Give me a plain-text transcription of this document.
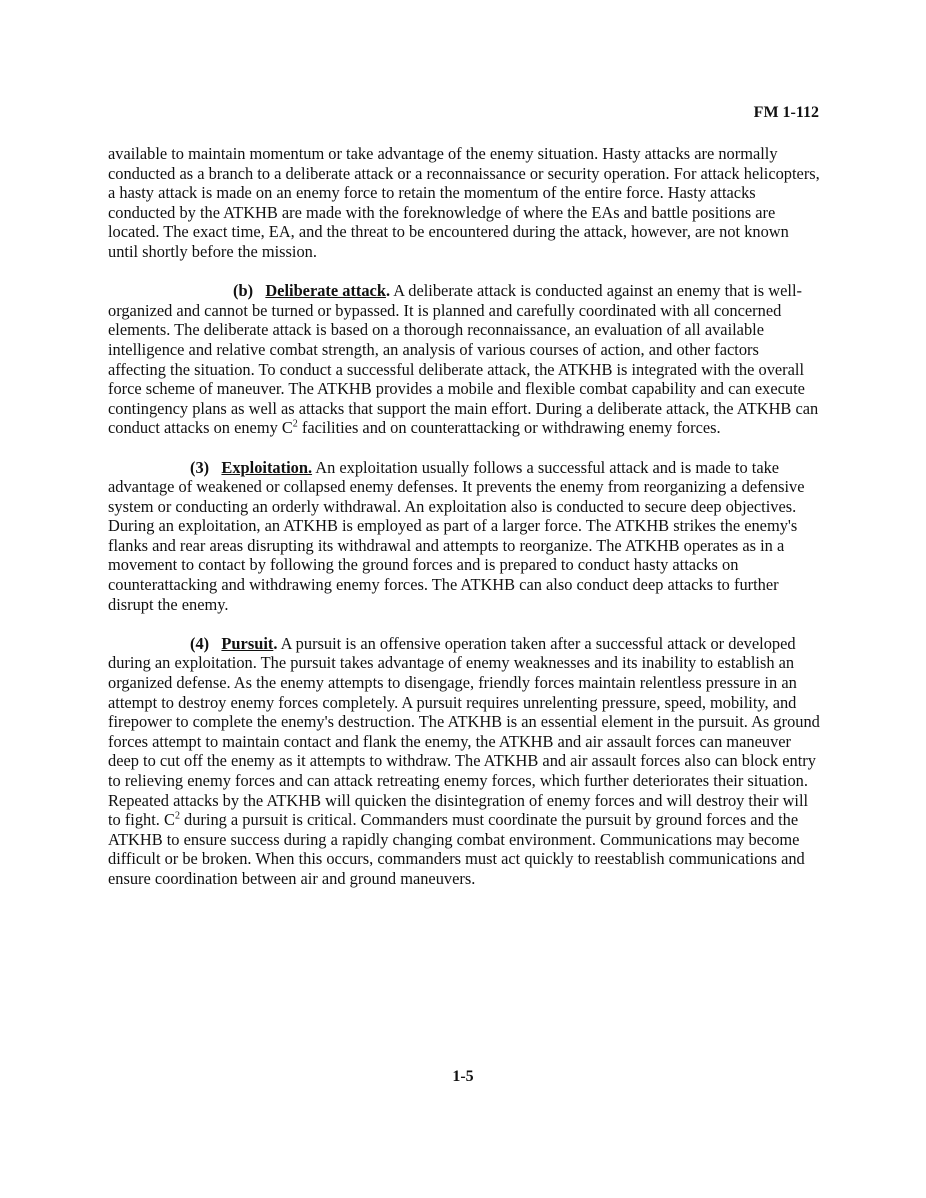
FM 1-112

available to maintain momentum or take advantage of the enemy situation. Hasty attacks are normally conducted as a branch to a deliberate attack or a reconnaissance or security operation. For attack helicopters, a hasty attack is made on an enemy force to retain the momentum of the entire force. Hasty attacks conducted by the ATKHB are made with the foreknowledge of where the EAs and battle positions are located. The exact time, EA, and the threat to be encountered during the attack, however, are not known until shortly before the mission.

(b) Deliberate attack. A deliberate attack is conducted against an enemy that is well-organized and cannot be turned or bypassed. It is planned and carefully coordinated with all concerned elements. The deliberate attack is based on a thorough reconnaissance, an evaluation of all available intelligence and relative combat strength, an analysis of various courses of action, and other factors affecting the situation. To conduct a successful deliberate attack, the ATKHB is integrated with the overall force scheme of maneuver. The ATKHB provides a mobile and flexible combat capability and can execute contingency plans as well as attacks that support the main effort. During a deliberate attack, the ATKHB can conduct attacks on enemy $C^2$ facilities and on counterattacking or withdrawing enemy forces.

(3) Exploitation. An exploitation usually follows a successful attack and is made to take advantage of weakened or collapsed enemy defenses. It prevents the enemy from reorganizing a defensive system or conducting an orderly withdrawal. An exploitation also is conducted to secure deep objectives. During an exploitation, an ATKHB is employed as part of a larger force. The ATKHB strikes the enemy's flanks and rear areas disrupting its withdrawal and attempts to reorganize. The ATKHB operates as in a movement to contact by following the ground forces and is prepared to conduct hasty attacks on counterattacking and withdrawing enemy forces. The ATKHB can also conduct deep attacks to further disrupt the enemy.

(4) Pursuit. A pursuit is an offensive operation taken after a successful attack or developed during an exploitation. The pursuit takes advantage of enemy weaknesses and its inability to establish an organized defense. As the enemy attempts to disengage, friendly forces maintain relentless pressure in an attempt to destroy enemy forces completely. A pursuit requires unrelenting pressure, speed, mobility, and firepower to complete the enemy's destruction. The ATKHB is an essential element in the pursuit. As ground forces attempt to maintain contact and flank the enemy, the ATKHB and air assault forces can maneuver deep to cut off the enemy as it attempts to withdraw. The ATKHB and air assault forces also can block entry to relieving enemy forces and can attack retreating enemy forces, which further deteriorates their situation. Repeated attacks by the ATKHB will quicken the disintegration of enemy forces and will destroy their will to fight. $C^2$ during a pursuit is critical. Commanders must coordinate the pursuit by ground forces and the ATKHB to ensure success during a rapidly changing combat environment. Communications may become difficult or be broken. When this occurs, commanders must act quickly to reestablish communications and ensure coordination between air and ground maneuvers.

1-5
